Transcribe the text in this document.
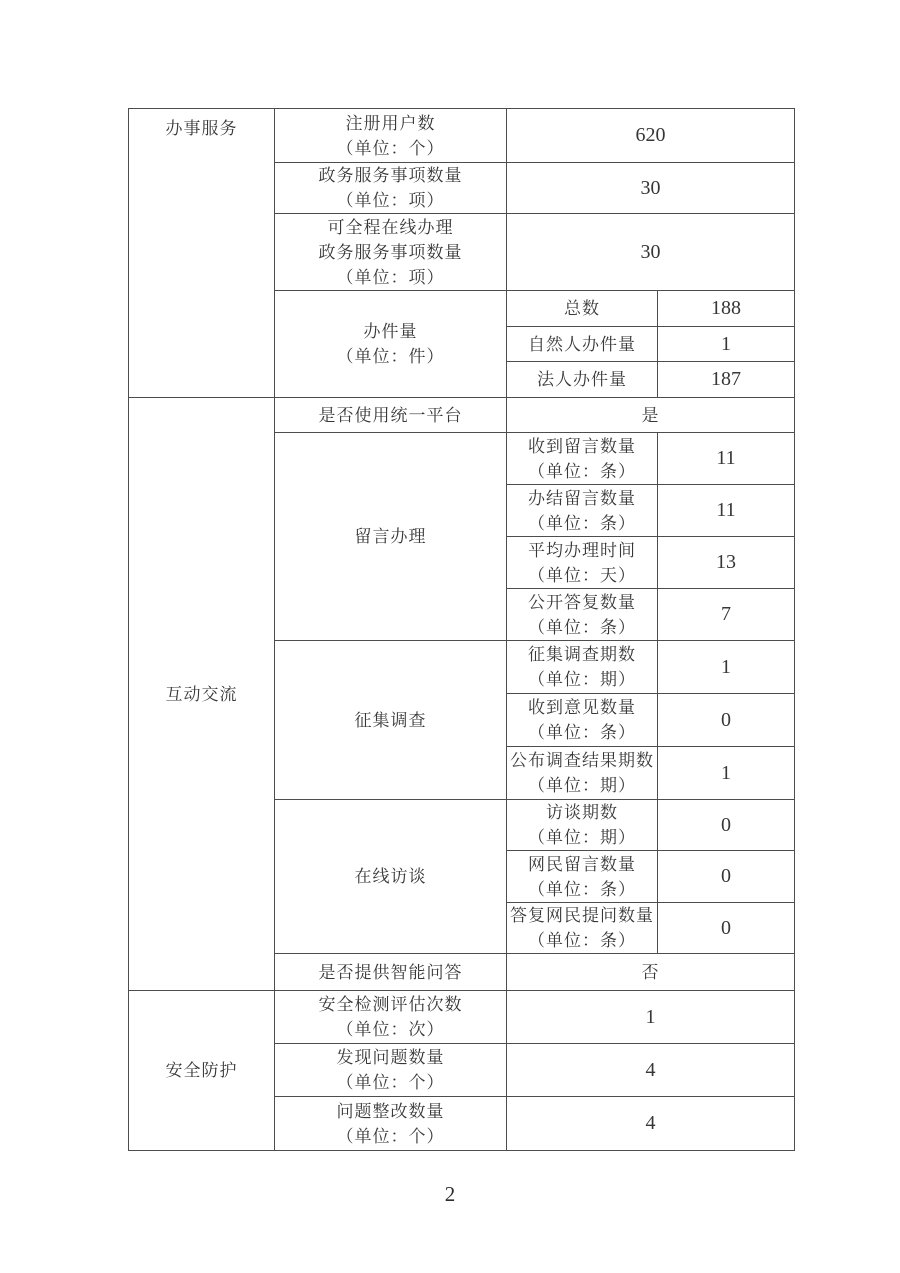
办事服务	注册用户数
（单位：个）	620	

	政务服务事项数量
（单位：项）	30	

	可全程在线办理
政务服务事项数量
（单位：项）	30	

	办件量
（单位：件）	总数	188

		自然人办件量	1

		法人办件量	187

互动交流	是否使用统一平台	是	

	留言办理	收到留言数量
（单位：条）	11

		办结留言数量
（单位：条）	11

		平均办理时间
（单位：天）	13

		公开答复数量
（单位：条）	7

	征集调查	征集调查期数
（单位：期）	1

		收到意见数量
（单位：条）	0

		公布调查结果期数
（单位：期）	1

	在线访谈	访谈期数
（单位：期）	0

		网民留言数量
（单位：条）	0

		答复网民提问数量
（单位：条）	0

	是否提供智能问答	否	

安全防护	安全检测评估次数
（单位：次）	1	

	发现问题数量
（单位：个）	4	

	问题整改数量
（单位：个）	4	
2
